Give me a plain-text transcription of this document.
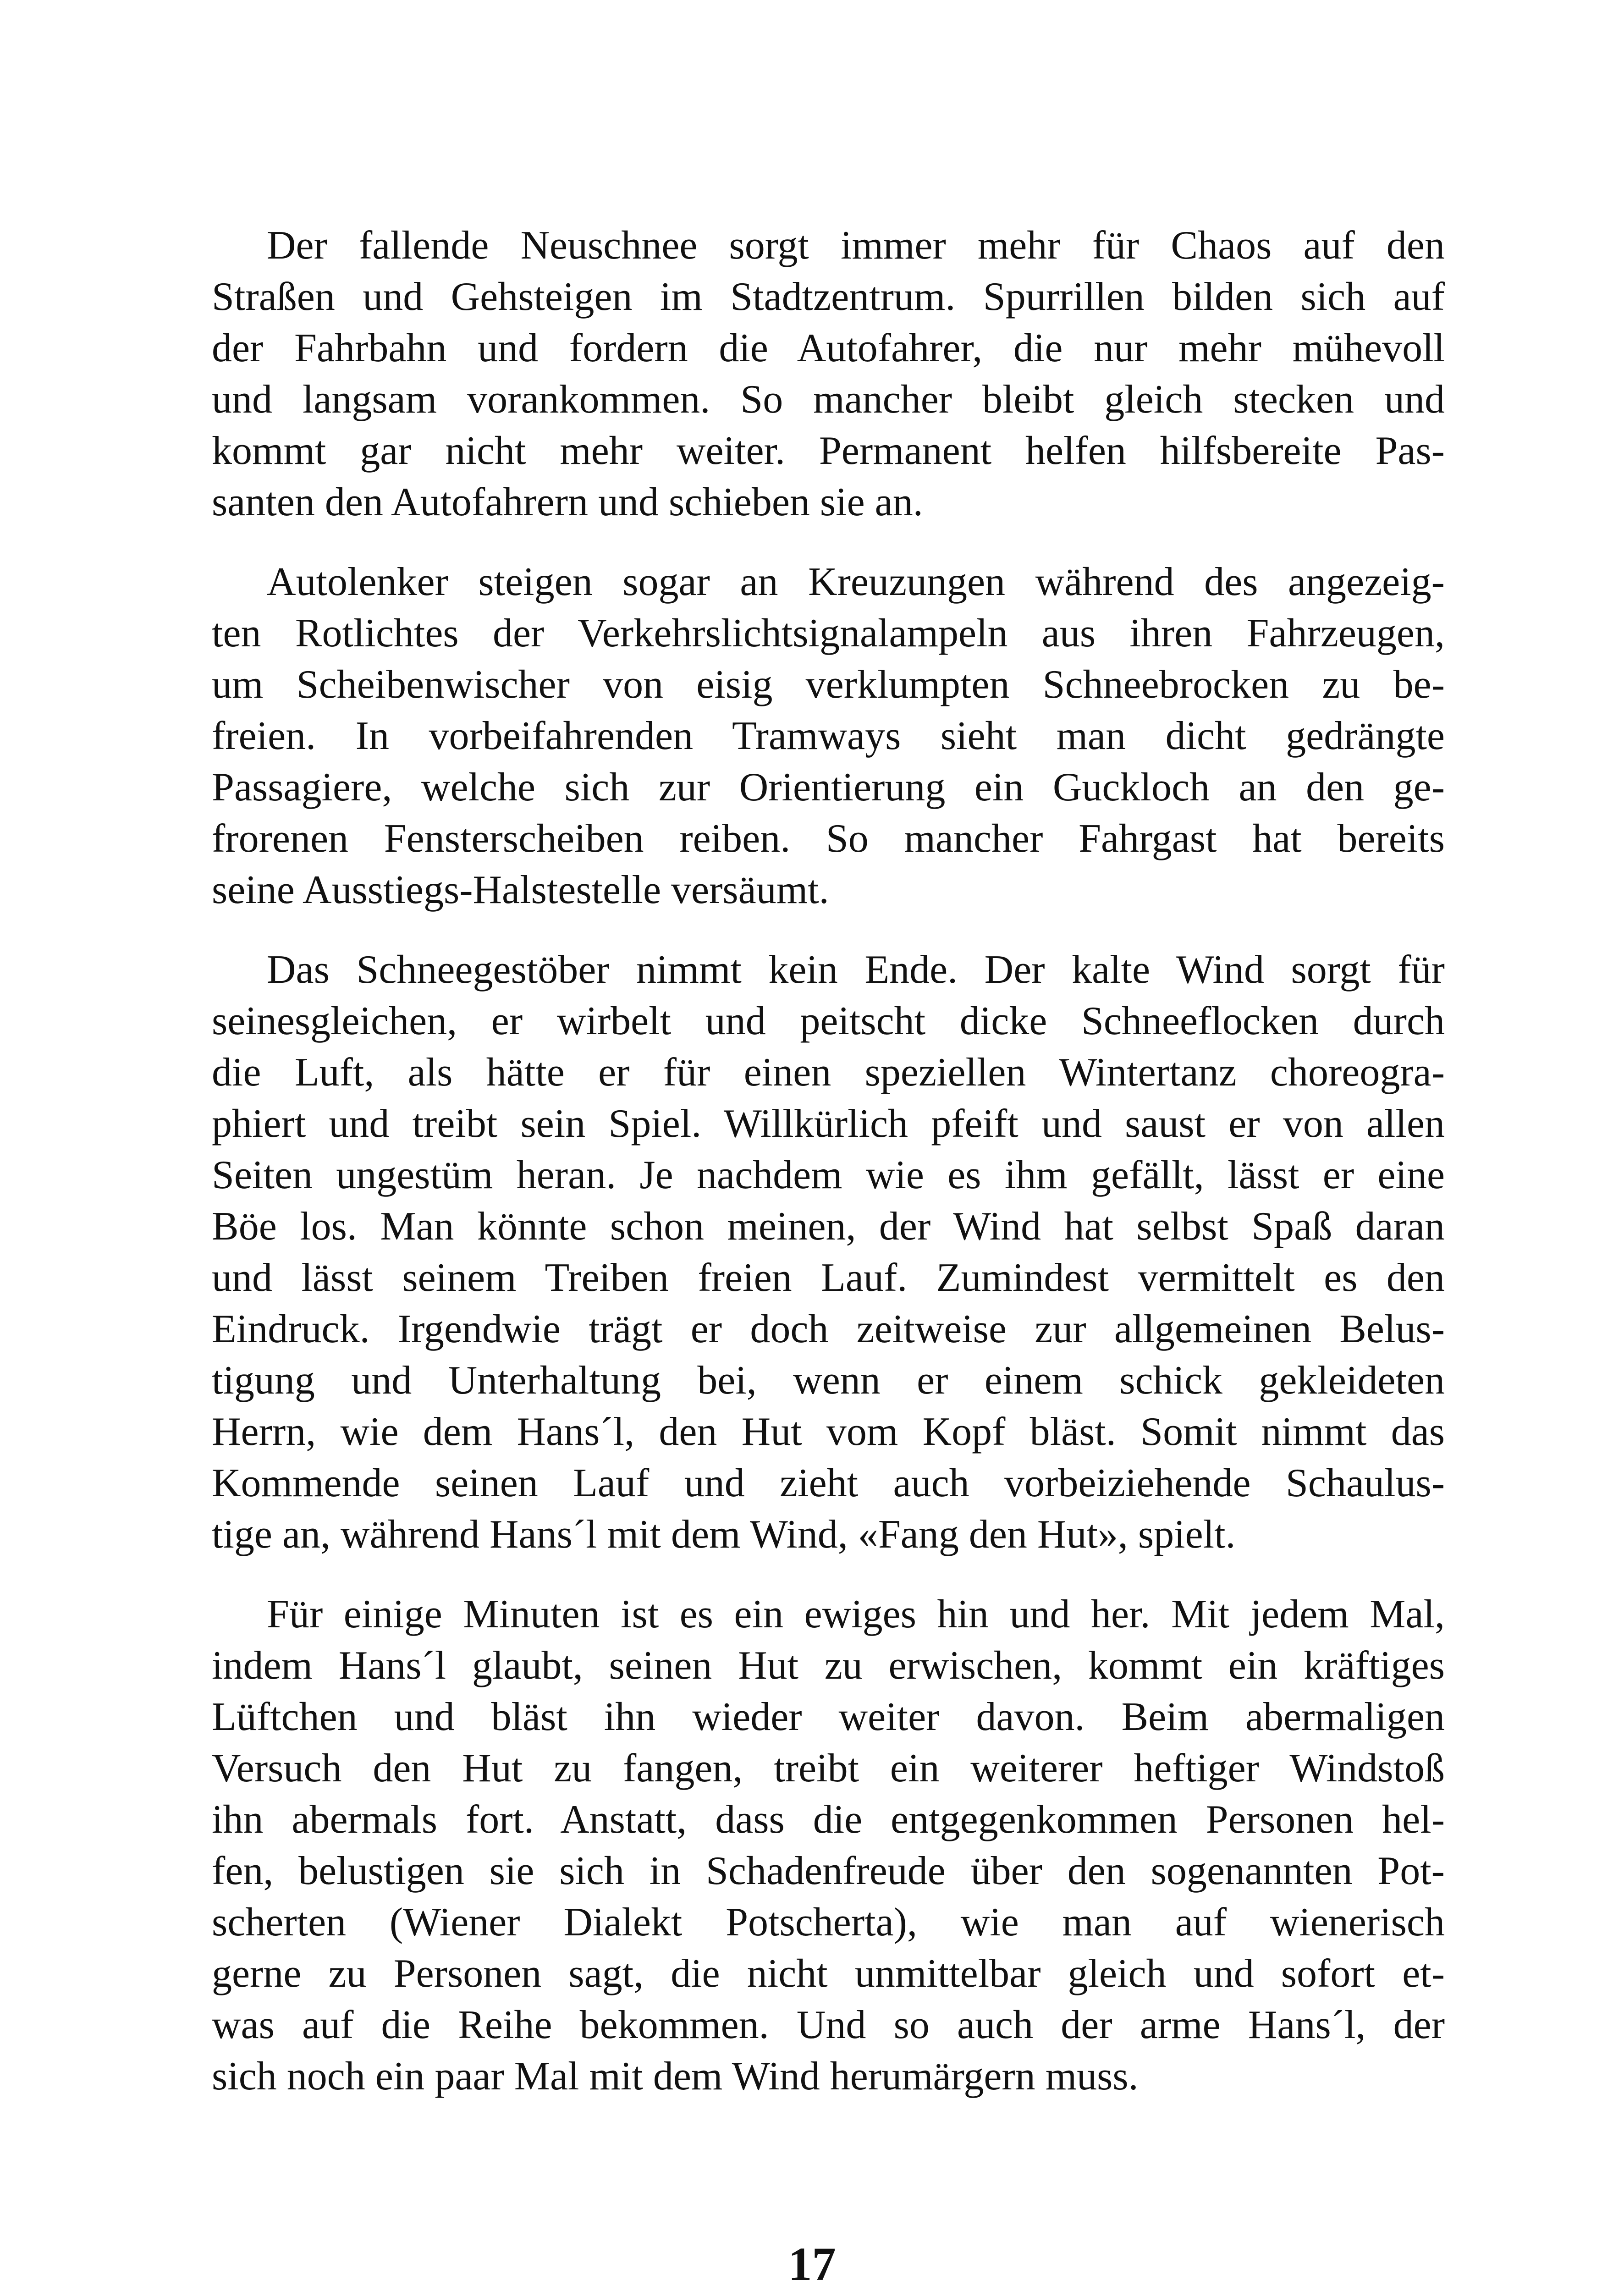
Der fallende Neuschnee sorgt immer mehr für Chaos auf den
Straßen und Gehsteigen im Stadtzentrum. Spurrillen bilden sich auf
der Fahrbahn und fordern die Autofahrer, die nur mehr mühevoll
und langsam vorankommen. So mancher bleibt gleich stecken und
kommt gar nicht mehr weiter. Permanent helfen hilfsbereite Pas-
santen den Autofahrern und schieben sie an.

Autolenker steigen sogar an Kreuzungen während des angezeig-
ten Rotlichtes der Verkehrslichtsignalampeln aus ihren Fahrzeugen,
um Scheibenwischer von eisig verklumpten Schneebrocken zu be-
freien. In vorbeifahrenden Tramways sieht man dicht gedrängte
Passagiere, welche sich zur Orientierung ein Guckloch an den ge-
frorenen Fensterscheiben reiben. So mancher Fahrgast hat bereits
seine Ausstiegs-Halstestelle versäumt.

Das Schneegestöber nimmt kein Ende. Der kalte Wind sorgt für
seinesgleichen, er wirbelt und peitscht dicke Schneeflocken durch
die Luft, als hätte er für einen speziellen Wintertanz choreogra-
phiert und treibt sein Spiel. Willkürlich pfeift und saust er von allen
Seiten ungestüm heran. Je nachdem wie es ihm gefällt, lässt er eine
Böe los. Man könnte schon meinen, der Wind hat selbst Spaß daran
und lässt seinem Treiben freien Lauf. Zumindest vermittelt es den
Eindruck. Irgendwie trägt er doch zeitweise zur allgemeinen Belus-
tigung und Unterhaltung bei, wenn er einem schick gekleideten
Herrn, wie dem Hans´l, den Hut vom Kopf bläst. Somit nimmt das
Kommende seinen Lauf und zieht auch vorbeiziehende Schaulus-
tige an, während Hans´l mit dem Wind, «Fang den Hut», spielt.

Für einige Minuten ist es ein ewiges hin und her. Mit jedem Mal,
indem Hans´l glaubt, seinen Hut zu erwischen, kommt ein kräftiges
Lüftchen und bläst ihn wieder weiter davon. Beim abermaligen
Versuch den Hut zu fangen, treibt ein weiterer heftiger Windstoß
ihn abermals fort. Anstatt, dass die entgegenkommen Personen hel-
fen, belustigen sie sich in Schadenfreude über den sogenannten Pot-
scherten (Wiener Dialekt Potscherta), wie man auf wienerisch
gerne zu Personen sagt, die nicht unmittelbar gleich und sofort et-
was auf die Reihe bekommen. Und so auch der arme Hans´l, der
sich noch ein paar Mal mit dem Wind herumärgern muss.

17
